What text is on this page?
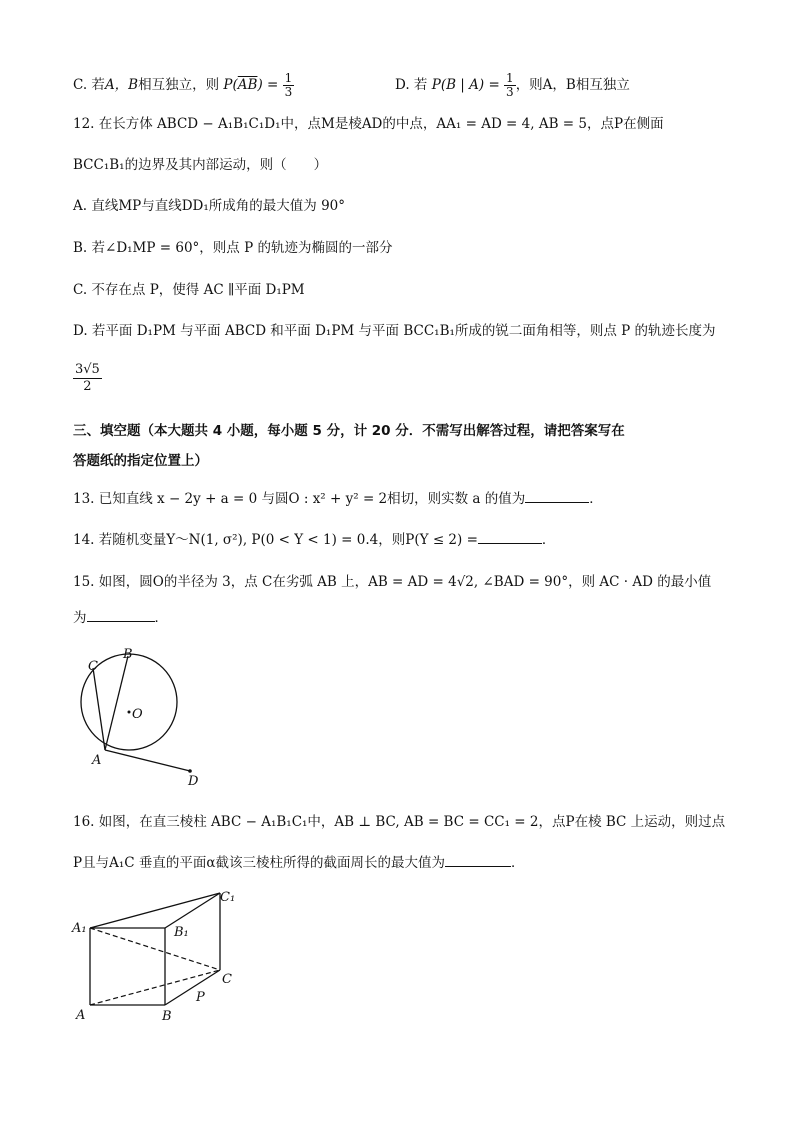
C. 若A，B相互独立，则 $P(\overline{AB}) = \frac{1}{3}$	D. 若 P(B | $A) = \frac{1}{3}$ ，则A，B相互独立
12. 在长方体 ABCD − A₁B₁C₁D₁中，点M是棱AD的中点，AA₁ = AD = 4, AB = 5，点P在侧面
BCC₁B₁的边界及其内部运动，则（　　）
A. 直线MP与直线DD₁所成角的最大值为 90°
B. 若∠D₁MP = 60°，则点 P 的轨迹为椭圆的一部分
C. 不存在点 P，使得 AC ∥平面 D₁PM
D. 若平面 D₁PM 与平面 ABCD 和平面 D₁PM 与平面 BCC₁B₁所成的锐二面角相等，则点 P 的轨迹长度为
$\frac{3√5}{2}$
三、填空题（本大题共 4 小题，每小题 5 分，计 20 分．不需写出解答过程，请把答案写在
答题纸的指定位置上）
13. 已知直线 x − 2y + a = 0 与圆O : x² + y² = 2相切，则实数 a 的值为	．
14. 若随机变量Y～N(1, σ²), P(0 < Y < 1) = 0.4，则P(Y ≤ 2) =	．
15. 如图，圆O的半径为 3，点 C在劣弧 AB 上，AB = AD = 4√2, ∠BAD = 90°，则 AC · AD 的最小值
为	．
C
B
O
A
D
16. 如图，在直三棱柱 ABC − A₁B₁C₁中，AB ⊥ BC, AB = BC = CC₁ = 2，点P在棱 BC 上运动，则过点
P且与A₁C 垂直的平面α截该三棱柱所得的截面周长的最大值为	．
C₁
A₁	B₁
C
P
A	B
